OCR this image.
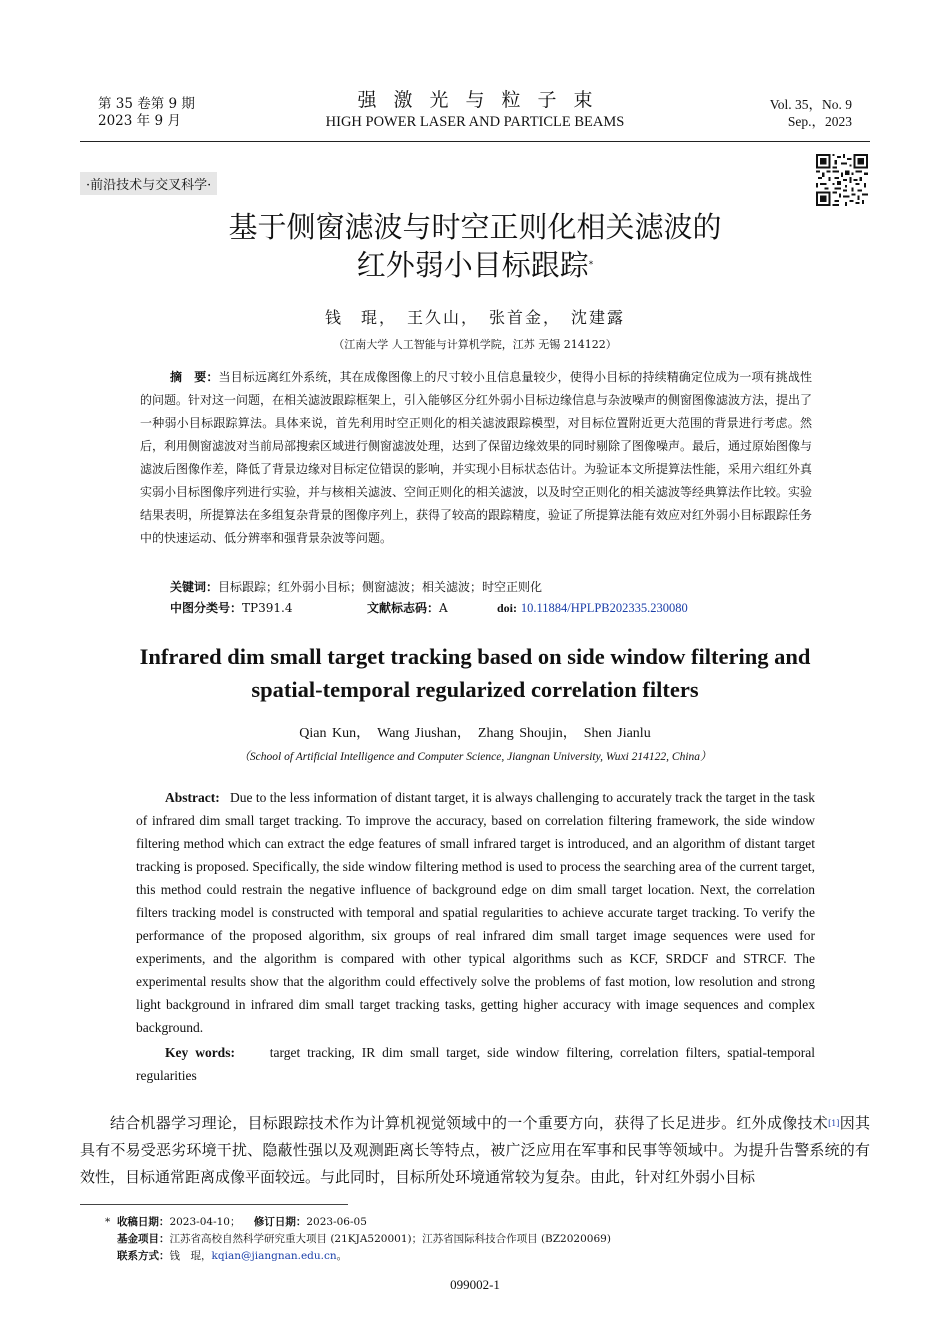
第 35 卷第 9 期
2023 年 9 月
强激光与粒子束
HIGH POWER LASER AND PARTICLE BEAMS
Vol. 35，No. 9
Sep.，2023
·前沿技术与交叉科学·
基于侧窗滤波与时空正则化相关滤波的
红外弱小目标跟踪*
钱　琨，　王久山，　张首金，　沈建露
（江南大学 人工智能与计算机学院，江苏 无锡 214122）
摘　要：当目标远离红外系统，其在成像图像上的尺寸较小且信息量较少，使得小目标的持续精确定位成为一项有挑战性的问题。针对这一问题，在相关滤波跟踪框架上，引入能够区分红外弱小目标边缘信息与杂波噪声的侧窗图像滤波方法，提出了一种弱小目标跟踪算法。具体来说，首先利用时空正则化的相关滤波跟踪模型，对目标位置附近更大范围的背景进行考虑。然后，利用侧窗滤波对当前局部搜索区域进行侧窗滤波处理，达到了保留边缘效果的同时剔除了图像噪声。最后，通过原始图像与滤波后图像作差，降低了背景边缘对目标定位错误的影响，并实现小目标状态估计。为验证本文所提算法性能，采用六组红外真实弱小目标图像序列进行实验，并与核相关滤波、空间正则化的相关滤波，以及时空正则化的相关滤波等经典算法作比较。实验结果表明，所提算法在多组复杂背景的图像序列上，获得了较高的跟踪精度，验证了所提算法能有效应对红外弱小目标跟踪任务中的快速运动、低分辨率和强背景杂波等问题。
关键词：目标跟踪；红外弱小目标；侧窗滤波；相关滤波；时空正则化
中图分类号：TP391.4	文献标志码：A	doi: 10.11884/HPLPB202335.230080
Infrared dim small target tracking based on side window filtering and
spatial-temporal regularized correlation filters
Qian Kun，　Wang Jiushan，　Zhang Shoujin，　Shen Jianlu
（School of Artificial Intelligence and Computer Science, Jiangnan University, Wuxi 214122, China）
Abstract: Due to the less information of distant target, it is always challenging to accurately track the target in the task of infrared dim small target tracking. To improve the accuracy, based on correlation filtering framework, the side window filtering method which can extract the edge features of small infrared target is introduced, and an algorithm of distant target tracking is proposed. Specifically, the side window filtering method is used to process the searching area of the current target, this method could restrain the negative influence of background edge on dim small target location. Next, the correlation filters tracking model is constructed with temporal and spatial regularities to achieve accurate target tracking. To verify the performance of the proposed algorithm, six groups of real infrared dim small target image sequences were used for experiments, and the algorithm is compared with other typical algorithms such as KCF, SRDCF and STRCF. The experimental results show that the algorithm could effectively solve the problems of fast motion, low resolution and strong light background in infrared dim small target tracking tasks, getting higher accuracy with image sequences and complex background.
Key words:	target tracking, IR dim small target, side window filtering, correlation filters, spatial-temporal regularities
结合机器学习理论，目标跟踪技术作为计算机视觉领域中的一个重要方向，获得了长足进步。红外成像技术[1]因其具有不易受恶劣环境干扰、隐蔽性强以及观测距离长等特点，被广泛应用在军事和民事等领域中。为提升告警系统的有效性，目标通常距离成像平面较远。与此同时，目标所处环境通常较为复杂。由此，针对红外弱小目标
* 收稿日期：2023-04-10； 修订日期：2023-06-05
基金项目：江苏省高校自然科学研究重大项目 (21KJA520001)；江苏省国际科技合作项目 (BZ2020069)
联系方式：钱　琨，kqian@jiangnan.edu.cn。
099002-1
